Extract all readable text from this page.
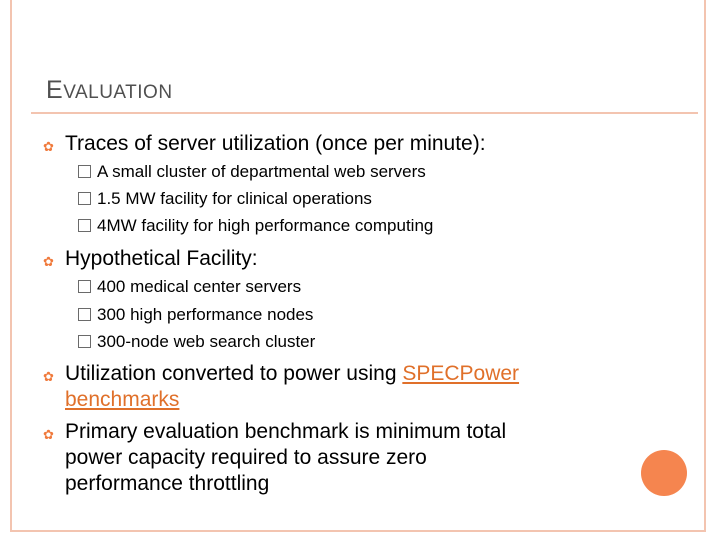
EVALUATION
✿ Traces of server utilization (once per minute):
A small cluster of departmental web servers
1.5 MW facility for clinical operations
4MW facility for high performance computing
✿ Hypothetical Facility:
400 medical center servers
300 high performance nodes
300-node web search cluster
✿ Utilization converted to power using SPECPower
benchmarks
✿ Primary evaluation benchmark is minimum total
power capacity required to assure zero
performance throttling
